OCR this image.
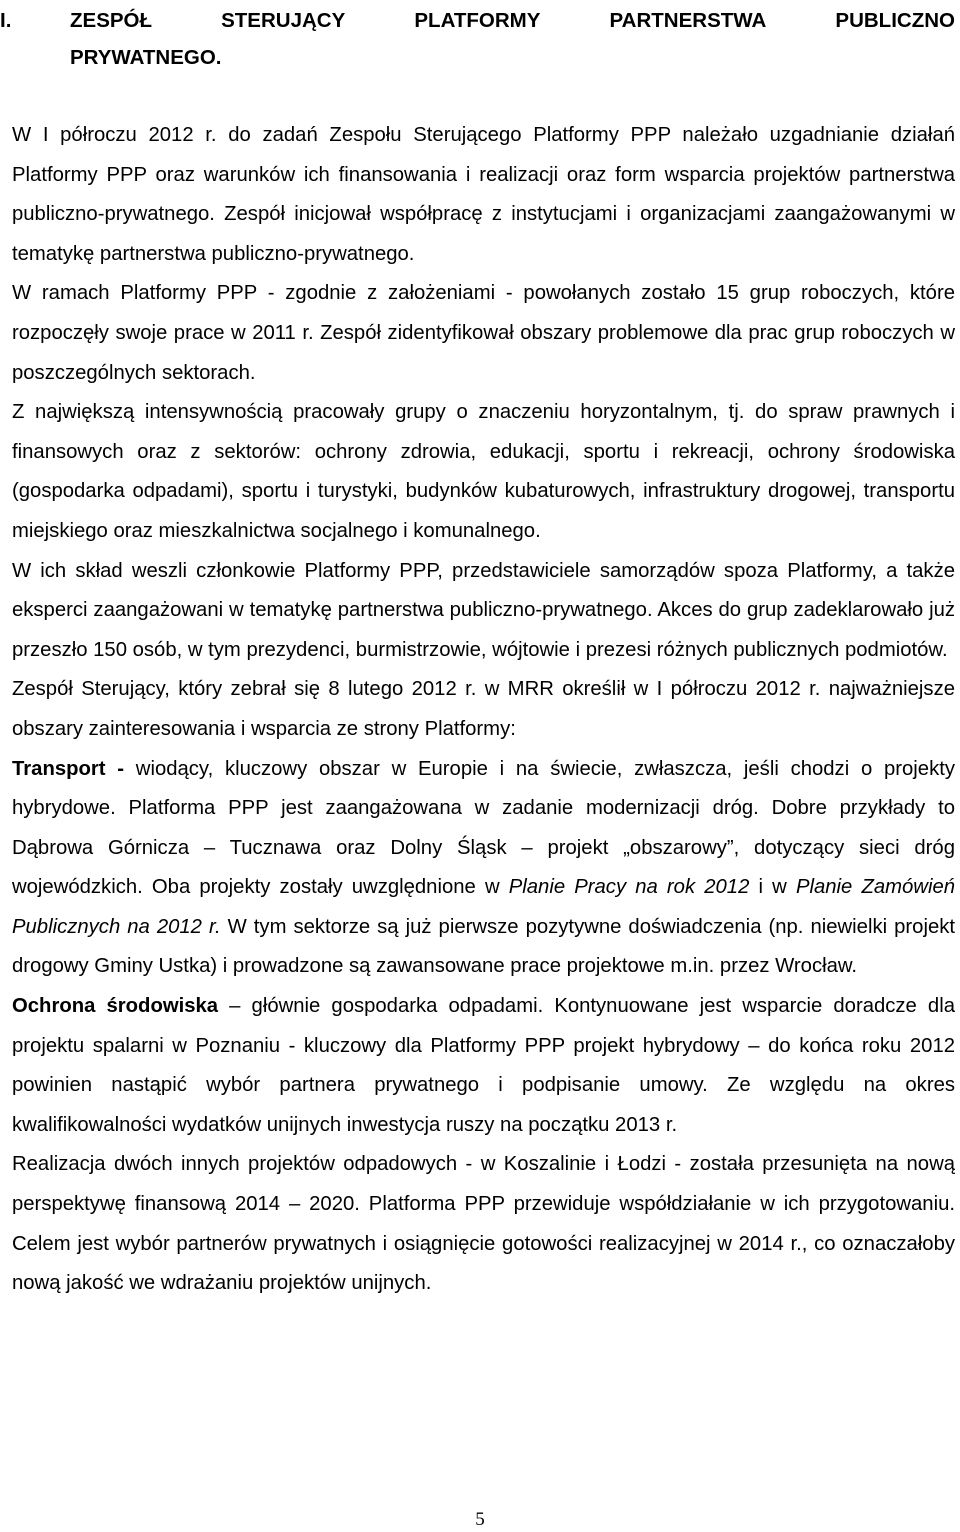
I.	ZESPÓŁ	STERUJĄCY	PLATFORMY	PARTNERSTWA	PUBLICZNO
PRYWATNEGO.

W I półroczu 2012 r. do zadań Zespołu Sterującego Platformy PPP należało uzgadnianie działań Platformy PPP oraz warunków ich finansowania i realizacji oraz form wsparcia projektów partnerstwa publiczno-prywatnego. Zespół inicjował współpracę z instytucjami i organizacjami zaangażowanymi w tematykę partnerstwa publiczno-prywatnego.

W ramach Platformy PPP - zgodnie z założeniami - powołanych zostało 15 grup roboczych, które rozpoczęły swoje prace w 2011 r. Zespół zidentyfikował obszary problemowe dla prac grup roboczych w poszczególnych sektorach.

Z największą intensywnością pracowały grupy o znaczeniu horyzontalnym, tj. do spraw prawnych i finansowych oraz z sektorów: ochrony zdrowia, edukacji, sportu i rekreacji, ochrony środowiska (gospodarka odpadami), sportu i turystyki, budynków kubaturowych, infrastruktury drogowej, transportu miejskiego oraz mieszkalnictwa socjalnego i komunalnego.

W ich skład weszli członkowie Platformy PPP, przedstawiciele samorządów spoza Platformy, a także eksperci zaangażowani w tematykę partnerstwa publiczno-prywatnego. Akces do grup zadeklarowało już przeszło 150 osób, w tym prezydenci, burmistrzowie, wójtowie i prezesi różnych publicznych podmiotów.

Zespół Sterujący, który zebrał się 8 lutego 2012 r. w MRR określił w I półroczu 2012 r. najważniejsze obszary zainteresowania i wsparcia ze strony Platformy:

Transport - wiodący, kluczowy obszar w Europie i na świecie, zwłaszcza, jeśli chodzi o projekty hybrydowe. Platforma PPP jest zaangażowana w zadanie modernizacji dróg. Dobre przykłady to Dąbrowa Górnicza – Tucznawa oraz Dolny Śląsk – projekt „obszarowy”, dotyczący sieci dróg wojewódzkich. Oba projekty zostały uwzględnione w Planie Pracy na rok 2012 i w Planie Zamówień Publicznych na 2012 r. W tym sektorze są już pierwsze pozytywne doświadczenia (np. niewielki projekt drogowy Gminy Ustka) i prowadzone są zawansowane prace projektowe m.in. przez Wrocław.

Ochrona środowiska – głównie gospodarka odpadami. Kontynuowane jest wsparcie doradcze dla projektu spalarni w Poznaniu - kluczowy dla Platformy PPP projekt hybrydowy – do końca roku 2012 powinien nastąpić wybór partnera prywatnego i podpisanie umowy. Ze względu na okres kwalifikowalności wydatków unijnych inwestycja ruszy na początku 2013 r.

Realizacja dwóch innych projektów odpadowych - w Koszalinie i Łodzi - została przesunięta na nową perspektywę finansową 2014 – 2020. Platforma PPP przewiduje współdziałanie w ich przygotowaniu. Celem jest wybór partnerów prywatnych i osiągnięcie gotowości realizacyjnej w 2014 r., co oznaczałoby nową jakość we wdrażaniu projektów unijnych.

5
